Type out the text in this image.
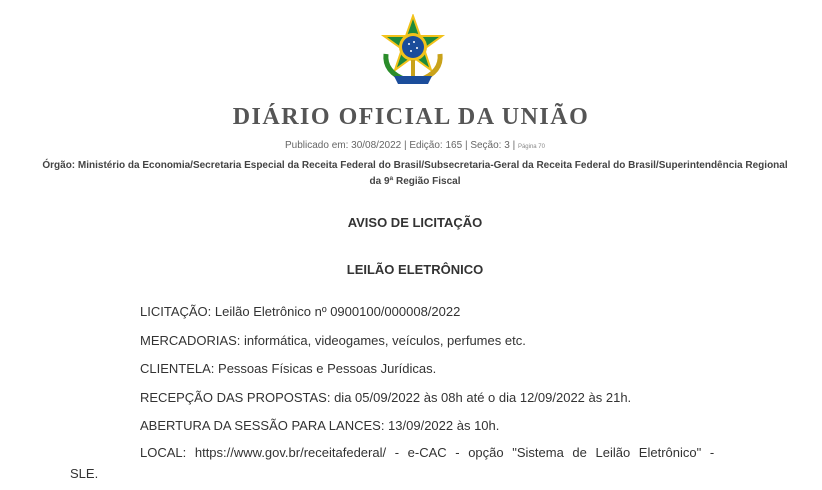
DIÁRIO OFICIAL DA UNIÃO
Publicado em: 30/08/2022 | Edição: 165 | Seção: 3 | Página 70
Órgão: Ministério da Economia/Secretaria Especial da Receita Federal do Brasil/Subsecretaria-Geral da Receita Federal do Brasil/Superintendência Regional da 9ª Região Fiscal
AVISO DE LICITAÇÃO
LEILÃO ELETRÔNICO
LICITAÇÃO: Leilão Eletrônico nº 0900100/000008/2022
MERCADORIAS: informática, videogames, veículos, perfumes etc.
CLIENTELA: Pessoas Físicas e Pessoas Jurídicas.
RECEPÇÃO DAS PROPOSTAS: dia 05/09/2022 às 08h até o dia 12/09/2022 às 21h.
ABERTURA DA SESSÃO PARA LANCES: 13/09/2022 às 10h.
LOCAL: https://www.gov.br/receitafederal/ - e-CAC - opção "Sistema de Leilão Eletrônico" -
SLE.
